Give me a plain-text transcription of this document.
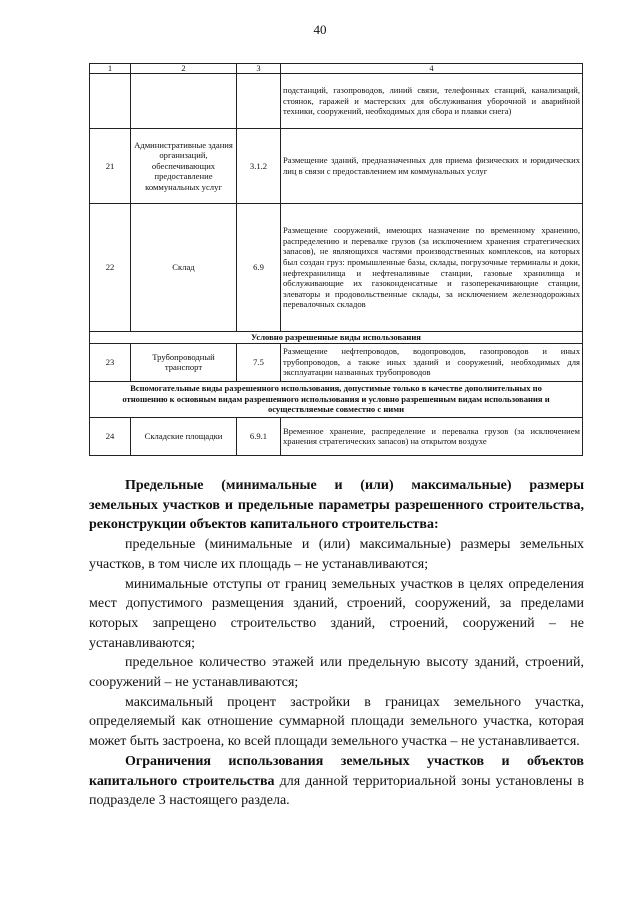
40
1	2	3	4
			подстанций, газопроводов, линий связи, телефонных станций, канализаций, стоянок, гаражей и мастерских для обслуживания уборочной и аварийной техники, сооружений, необходимых для сбора и плавки снега)
21	Административные здания организаций, обеспечивающих предоставление коммунальных услуг	3.1.2	Размещение зданий, предназначенных для приема физических и юридических лиц в связи с предоставлением им коммунальных услуг
22	Склад	6.9	Размещение сооружений, имеющих назначение по временному хранению, распределению и перевалке грузов (за исключением хранения стратегических запасов), не являющихся частями производственных комплексов, на которых был создан груз: промышленные базы, склады, погрузочные терминалы и доки, нефтехранилища и нефтеналивные станции, газовые хранилища и обслуживающие их газоконденсатные и газоперекачивающие станции, элеваторы и продовольственные склады, за исключением железнодорожных перевалочных складов
Условно разрешенные виды использования			
23	Трубопроводный транспорт	7.5	Размещение нефтепроводов, водопроводов, газопроводов и иных трубопроводов, а также иных зданий и сооружений, необходимых для эксплуатации названных трубопроводов
Вспомогательные виды разрешенного использования, допустимые только в качестве дополнительных по отношению к основным видам разрешенного использования и условно разрешенным видам использования и осуществляемые совместно с ними			
24	Складские площадки	6.9.1	Временное хранение, распределение и перевалка грузов (за исключением хранения стратегических запасов) на открытом воздухе

Предельные (минимальные и (или) максимальные) размеры земельных участков и предельные параметры разрешенного строительства, реконструкции объектов капитального строительства:

предельные (минимальные и (или) максимальные) размеры земельных участков, в том числе их площадь – не устанавливаются;

минимальные отступы от границ земельных участков в целях определения мест допустимого размещения зданий, строений, сооружений, за пределами которых запрещено строительство зданий, строений, сооружений – не устанавливаются;

предельное количество этажей или предельную высоту зданий, строений, сооружений – не устанавливаются;

максимальный процент застройки в границах земельного участка, определяемый как отношение суммарной площади земельного участка, которая может быть застроена, ко всей площади земельного участка – не устанавливается.

Ограничения использования земельных участков и объектов капитального строительства для данной территориальной зоны установлены в подразделе 3 настоящего раздела.
